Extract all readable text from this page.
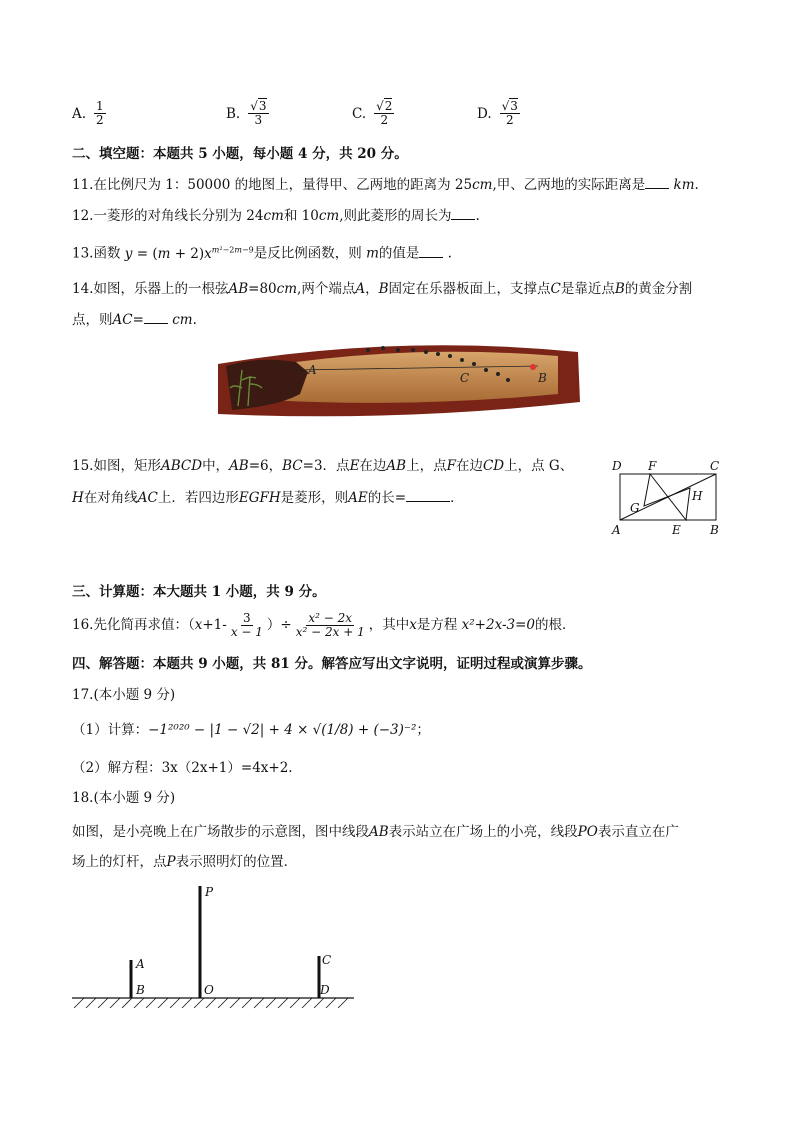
A. $\frac{1}{2}$	B. $\frac{√3}{3}$	C. $\frac{√2}{2}$	D. $\frac{√3}{2}$
二、填空题：本题共 5 小题，每小题 4 分，共 20 分。
11.在比例尺为 1：50000 的地图上，量得甲、乙两地的距离为 25cm,甲、乙两地的实际距离是 km.
12.一菱形的对角线长分别为 24cm和 10cm,则此菱形的周长为 .
13.函数 $y = (m + 2)x^{m^2-2m-9}$是反比例函数，则 m的值是 .
14.如图，乐器上的一根弦AB=80cm,两个端点A，B固定在乐器板面上，支撑点C是靠近点B的黄金分割
点，则AC= cm.
A
C	B
15.如图，矩形ABCD中，AB=6，BC=3．点E在边AB上，点F在边CD上，点 G、
H在对角线AC上．若四边形EGFH是菱形，则AE的长=	．
D F	C
H
G
A	E B
三、计算题：本大题共 1 小题，共 9 分。
16.先化简再求值：（ $x +1- \frac{3}{x - 1}$ ）÷ $\frac{\text{x² − 2x}}{\text{x² − 2x + 1}}$ ，其中 x 是方程
x²+2x-3=0 的根．
四、解答题：本题共 9 小题，共 81 分。解答应写出文字说明，证明过程或演算步骤。
17.(本小题 9 分)
（1）计算：−1²⁰²⁰ − |1 − √2| + 4 × √(1/8) + (−3)⁻²；
（2）解方程：3x（2x+1）=4x+2.
18.(本小题 9 分)
如图，是小亮晚上在广场散步的示意图，图中线段AB表示站立在广场上的小亮，线段PO表示直立在广
场上的灯杆，点P表示照明灯的位置．
P
A
B	O
C
D
